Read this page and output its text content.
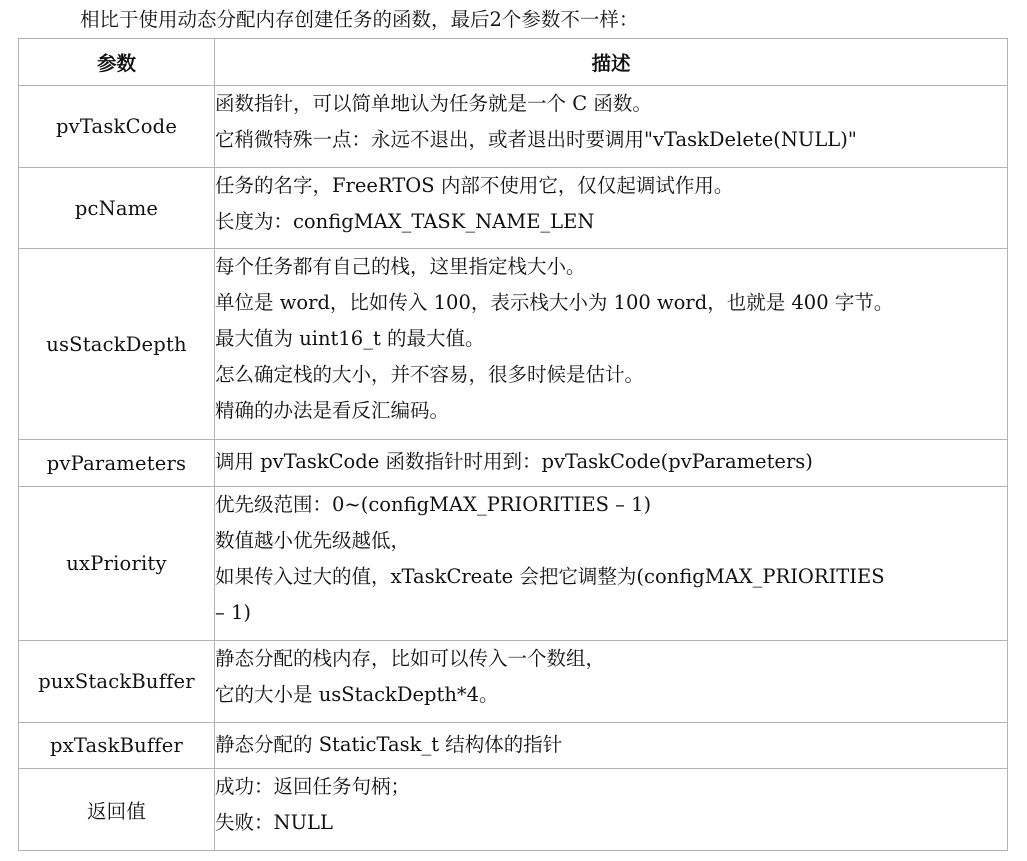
相比于使用动态分配内存创建任务的函数，最后2个参数不一样：
参数	描述
pvTaskCode	函数指针，可以简单地认为任务就是一个 C 函数。
它稍微特殊一点：永远不退出，或者退出时要调用"vTaskDelete(NULL)"

pcName	任务的名字，FreeRTOS 内部不使用它，仅仅起调试作用。
长度为：configMAX_TASK_NAME_LEN

usStackDepth	每个任务都有自己的栈，这里指定栈大小。
单位是 word，比如传入 100，表示栈大小为 100 word，也就是 400 字节。
最大值为 uint16_t 的最大值。
怎么确定栈的大小，并不容易，很多时候是估计。
精确的办法是看反汇编码。

pvParameters	调用 pvTaskCode 函数指针时用到：pvTaskCode(pvParameters)

uxPriority	优先级范围：0~(configMAX_PRIORITIES – 1)
数值越小优先级越低，
如果传入过大的值，xTaskCreate 会把它调整为(configMAX_PRIORITIES
– 1)

puxStackBuffer	静态分配的栈内存，比如可以传入一个数组，
它的大小是 usStackDepth*4。

pxTaskBuffer	静态分配的 StaticTask_t 结构体的指针

返回值	成功：返回任务句柄；
失败：NULL
